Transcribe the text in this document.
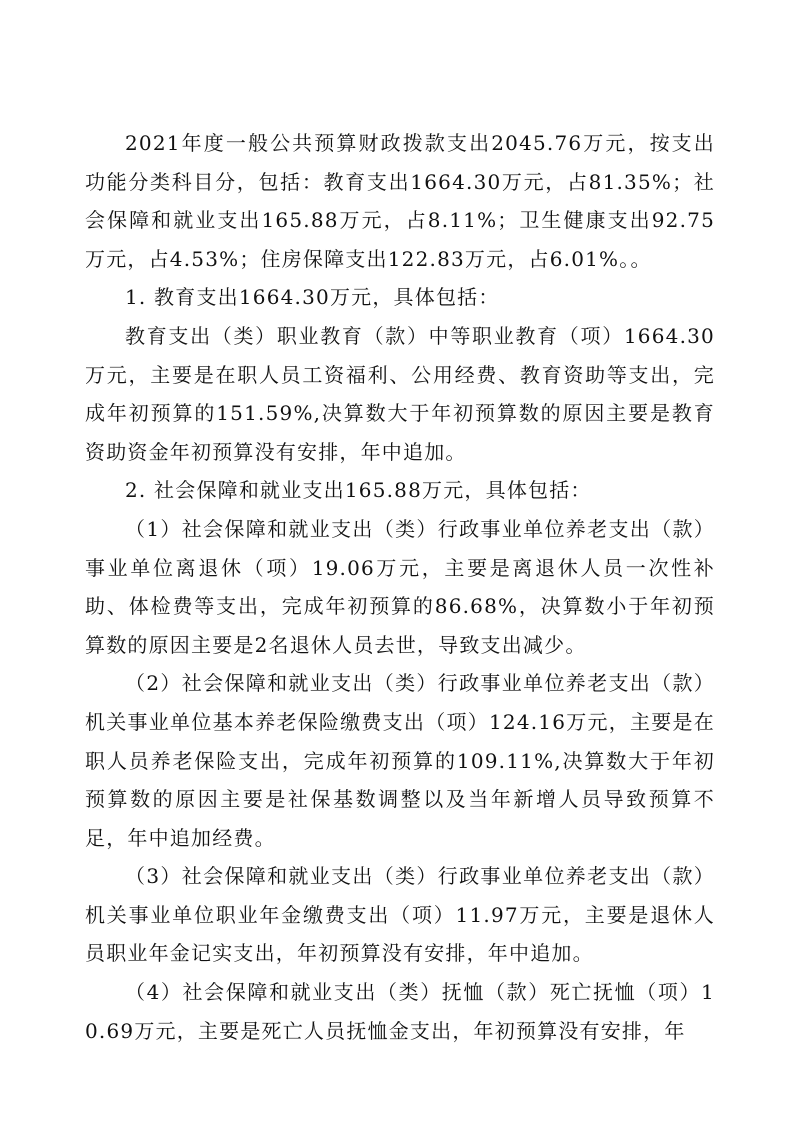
2021年度一般公共预算财政拨款支出2045.76万元，按支出功能分类科目分，包括：教育支出1664.30万元，占81.35%；社会保障和就业支出165.88万元，占8.11%；卫生健康支出92.75万元，占4.53%；住房保障支出122.83万元，占6.01%。。

1. 教育支出1664.30万元，具体包括：

教育支出（类）职业教育（款）中等职业教育（项）1664.30万元，主要是在职人员工资福利、公用经费、教育资助等支出，完成年初预算的151.59%,决算数大于年初预算数的原因主要是教育资助资金年初预算没有安排，年中追加。

2. 社会保障和就业支出165.88万元，具体包括：

（1）社会保障和就业支出（类）行政事业单位养老支出（款）事业单位离退休（项）19.06万元，主要是离退休人员一次性补助、体检费等支出，完成年初预算的86.68%，决算数小于年初预算数的原因主要是2名退休人员去世，导致支出减少。

（2）社会保障和就业支出（类）行政事业单位养老支出（款）机关事业单位基本养老保险缴费支出（项）124.16万元，主要是在职人员养老保险支出，完成年初预算的109.11%,决算数大于年初预算数的原因主要是社保基数调整以及当年新增人员导致预算不足，年中追加经费。

（3）社会保障和就业支出（类）行政事业单位养老支出（款）机关事业单位职业年金缴费支出（项）11.97万元，主要是退休人员职业年金记实支出，年初预算没有安排，年中追加。

（4）社会保障和就业支出（类）抚恤（款）死亡抚恤（项）10.69万元，主要是死亡人员抚恤金支出，年初预算没有安排，年
